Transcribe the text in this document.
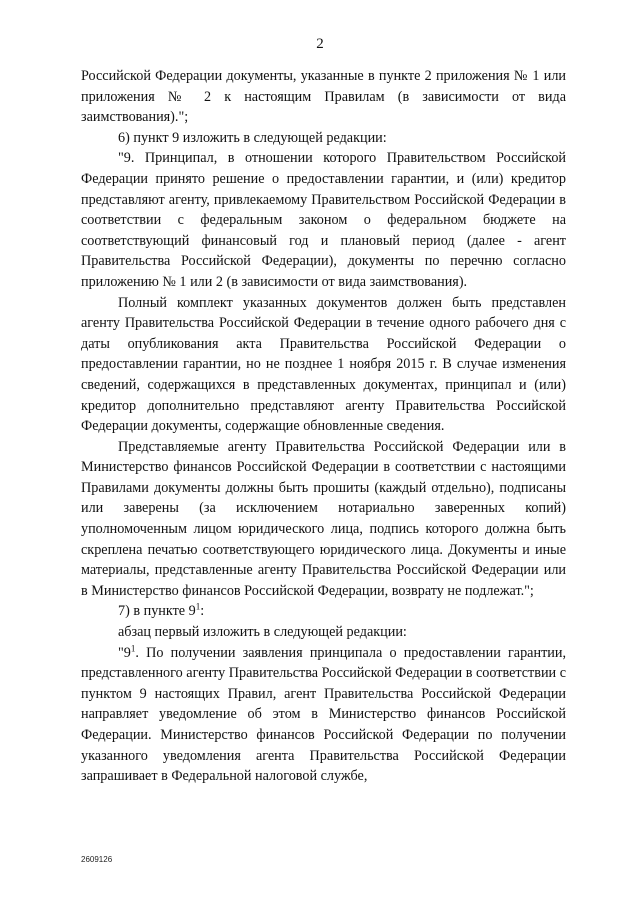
2

Российской Федерации документы, указанные в пункте 2 приложения № 1 или приложения № 2 к настоящим Правилам (в зависимости от вида заимствования).";

6) пункт 9 изложить в следующей редакции:

"9. Принципал, в отношении которого Правительством Российской Федерации принято решение о предоставлении гарантии, и (или) кредитор представляют агенту, привлекаемому Правительством Российской Федерации в соответствии с федеральным законом о федеральном бюджете на соответствующий финансовый год и плановый период (далее - агент Правительства Российской Федерации), документы по перечню согласно приложению № 1 или 2 (в зависимости от вида заимствования).

Полный комплект указанных документов должен быть представлен агенту Правительства Российской Федерации в течение одного рабочего дня с даты опубликования акта Правительства Российской Федерации о предоставлении гарантии, но не позднее 1 ноября 2015 г. В случае изменения сведений, содержащихся в представленных документах, принципал и (или) кредитор дополнительно представляют агенту Правительства Российской Федерации документы, содержащие обновленные сведения.

Представляемые агенту Правительства Российской Федерации или в Министерство финансов Российской Федерации в соответствии с настоящими Правилами документы должны быть прошиты (каждый отдельно), подписаны или заверены (за исключением нотариально заверенных копий) уполномоченным лицом юридического лица, подпись которого должна быть скреплена печатью соответствующего юридического лица. Документы и иные материалы, представленные агенту Правительства Российской Федерации или в Министерство финансов Российской Федерации, возврату не подлежат.";

7) в пункте $9^1$:

абзац первый изложить в следующей редакции:

"$9^1$. По получении заявления принципала о предоставлении гарантии, представленного агенту Правительства Российской Федерации в соответствии с пунктом 9 настоящих Правил, агент Правительства Российской Федерации направляет уведомление об этом в Министерство финансов Российской Федерации. Министерство финансов Российской Федерации по получении указанного уведомления агента Правительства Российской Федерации запрашивает в Федеральной налоговой службе,

2609126
